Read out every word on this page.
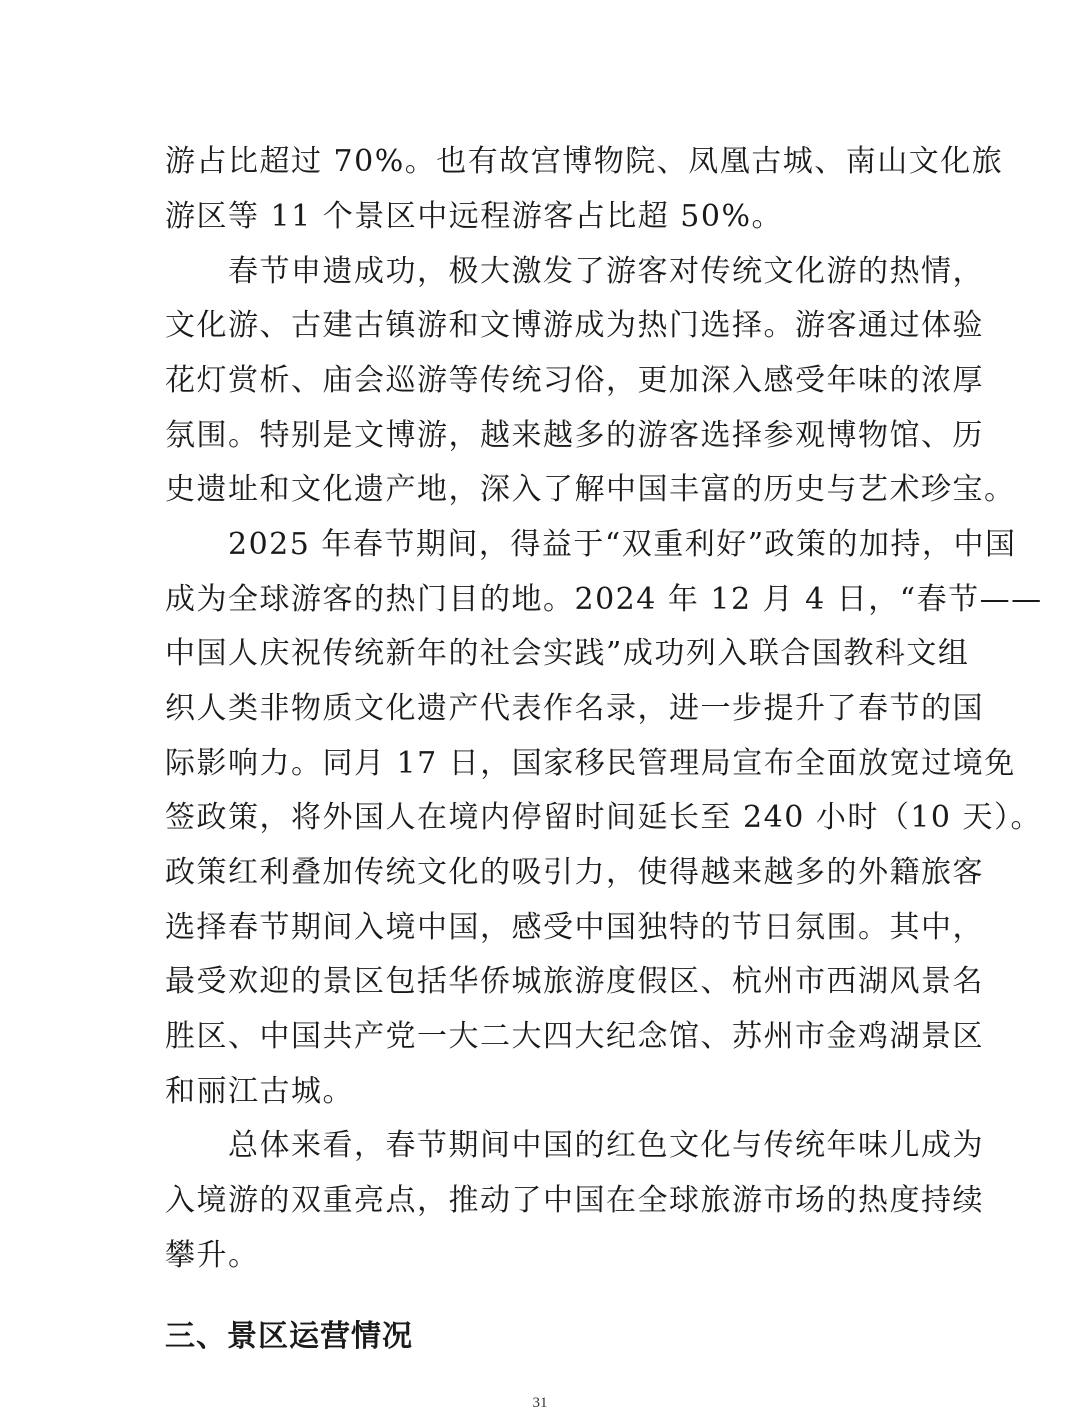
游占比超过 70%。也有故宫博物院、凤凰古城、南山文化旅
游区等 11 个景区中远程游客占比超 50%。
　　春节申遗成功，极大激发了游客对传统文化游的热情，
文化游、古建古镇游和文博游成为热门选择。游客通过体验
花灯赏析、庙会巡游等传统习俗，更加深入感受年味的浓厚
氛围。特别是文博游，越来越多的游客选择参观博物馆、历
史遗址和文化遗产地，深入了解中国丰富的历史与艺术珍宝。
　　2025 年春节期间，得益于“双重利好”政策的加持，中国
成为全球游客的热门目的地。2024 年 12 月 4 日，“春节——
中国人庆祝传统新年的社会实践”成功列入联合国教科文组
织人类非物质文化遗产代表作名录，进一步提升了春节的国
际影响力。同月 17 日，国家移民管理局宣布全面放宽过境免
签政策，将外国人在境内停留时间延长至 240 小时（10 天）。
政策红利叠加传统文化的吸引力，使得越来越多的外籍旅客
选择春节期间入境中国，感受中国独特的节日氛围。其中，
最受欢迎的景区包括华侨城旅游度假区、杭州市西湖风景名
胜区、中国共产党一大二大四大纪念馆、苏州市金鸡湖景区
和丽江古城。
　　总体来看，春节期间中国的红色文化与传统年味儿成为
入境游的双重亮点，推动了中国在全球旅游市场的热度持续
攀升。
三、景区运营情况
31
